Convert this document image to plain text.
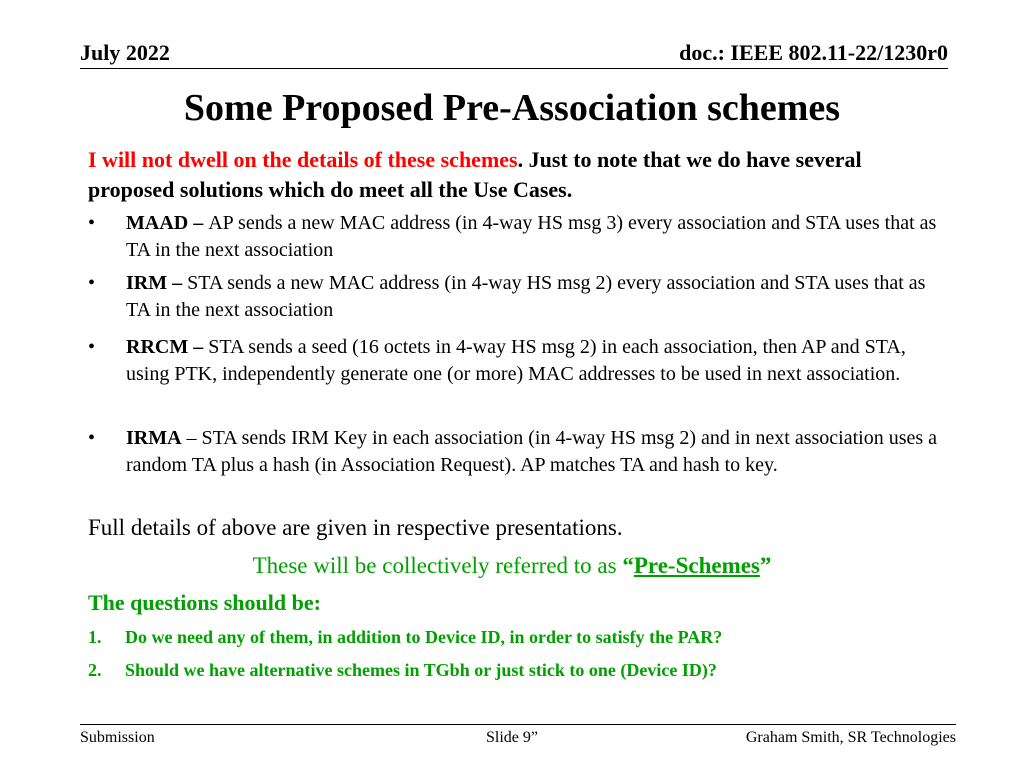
July 2022	doc.: IEEE 802.11-22/1230r0
Some Proposed Pre-Association schemes
I will not dwell on the details of these schemes. Just to note that we do have several proposed solutions which do meet all the Use Cases.
• MAAD – AP sends a new MAC address (in 4-way HS msg 3) every association and STA uses that as TA in the next association
• IRM – STA sends a new MAC address (in 4-way HS msg 2) every association and STA uses that as TA in the next association
• RRCM – STA sends a seed (16 octets in 4-way HS msg 2) in each association, then AP and STA, using PTK, independently generate one (or more) MAC addresses to be used in next association.
• IRMA – STA sends IRM Key in each association (in 4-way HS msg 2) and in next association uses a random TA plus a hash (in Association Request). AP matches TA and hash to key.
Full details of above are given in respective presentations.
These will be collectively referred to as “Pre-Schemes”
The questions should be:
1. Do we need any of them, in addition to Device ID, in order to satisfy the PAR?
2. Should we have alternative schemes in TGbh or just stick to one (Device ID)?
Submission	Slide 9”	Graham Smith, SR Technologies
